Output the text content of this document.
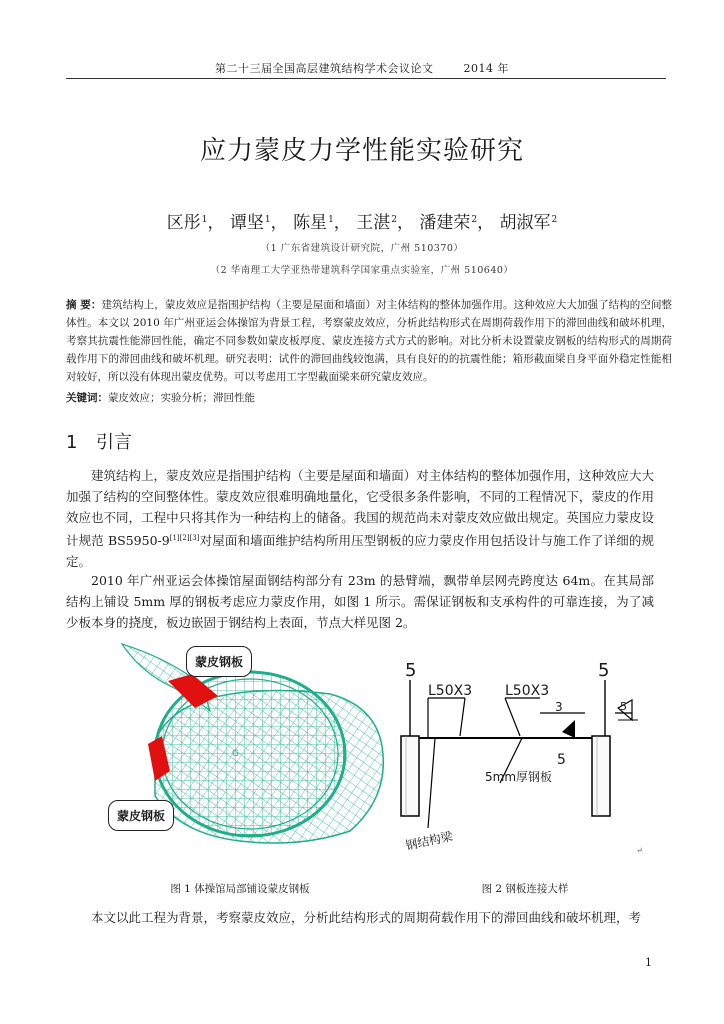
第二十三届全国高层建筑结构学术会议论文	2014 年
应力蒙皮力学性能实验研究
区彤$^1$， 谭坚$^1$， 陈星$^1$， 王湛$^2$， 潘建荣$^2$， 胡淑军$^2$
（1 广东省建筑设计研究院，广州 510370）
（2 华南理工大学亚热带建筑科学国家重点实验室，广州 510640）
摘 要：建筑结构上，蒙皮效应是指围护结构（主要是屋面和墙面）对主体结构的整体加强作用。这种效应大大加强了结构的空间整体性。本文以 2010 年广州亚运会体操馆为背景工程，考察蒙皮效应，分析此结构形式在周期荷载作用下的滞回曲线和破坏机理，考察其抗震性能滞回性能，确定不同参数如蒙皮板厚度、蒙皮连接方式方式的影响。对比分析未设置蒙皮钢板的结构形式的周期荷载作用下的滞回曲线和破坏机理。研究表明：试件的滞回曲线较饱满，具有良好的的抗震性能；箱形截面梁自身平面外稳定性能相对较好，所以没有体现出蒙皮优势。可以考虑用工字型截面梁来研究蒙皮效应。
关键词：蒙皮效应；实验分析；滞回性能
1 引言

建筑结构上，蒙皮效应是指围护结构（主要是屋面和墙面）对主体结构的整体加强作用，这种效应大大加强了结构的空间整体性。蒙皮效应很难明确地量化，它受很多条件影响，不同的工程情况下，蒙皮的作用效应也不同，工程中只将其作为一种结构上的储备。我国的规范尚未对蒙皮效应做出规定。英国应力蒙皮设计规范 BS5950-9[1][2][3]对屋面和墙面维护结构所用压型钢板的应力蒙皮作用包括设计与施工作了详细的规定。

2010 年广州亚运会体操馆屋面钢结构部分有 23m 的悬臂端，飘带单层网壳跨度达 64m。在其局部结构上铺设 5mm 厚的钢板考虑应力蒙皮作用，如图 1 所示。需保证钢板和支承构件的可靠连接，为了减少板本身的挠度，板边嵌固于钢结构上表面，节点大样见图 2。

G
蒙皮钢板
蒙皮钢板
5	5
L50X3 L50X3
3	5
5
5mm厚钢板
钢结构梁	↵
图 1 体操馆局部铺设蒙皮钢板	图 2 钢板连接大样

本文以此工程为背景，考察蒙皮效应，分析此结构形式的周期荷载作用下的滞回曲线和破坏机理，考

1
